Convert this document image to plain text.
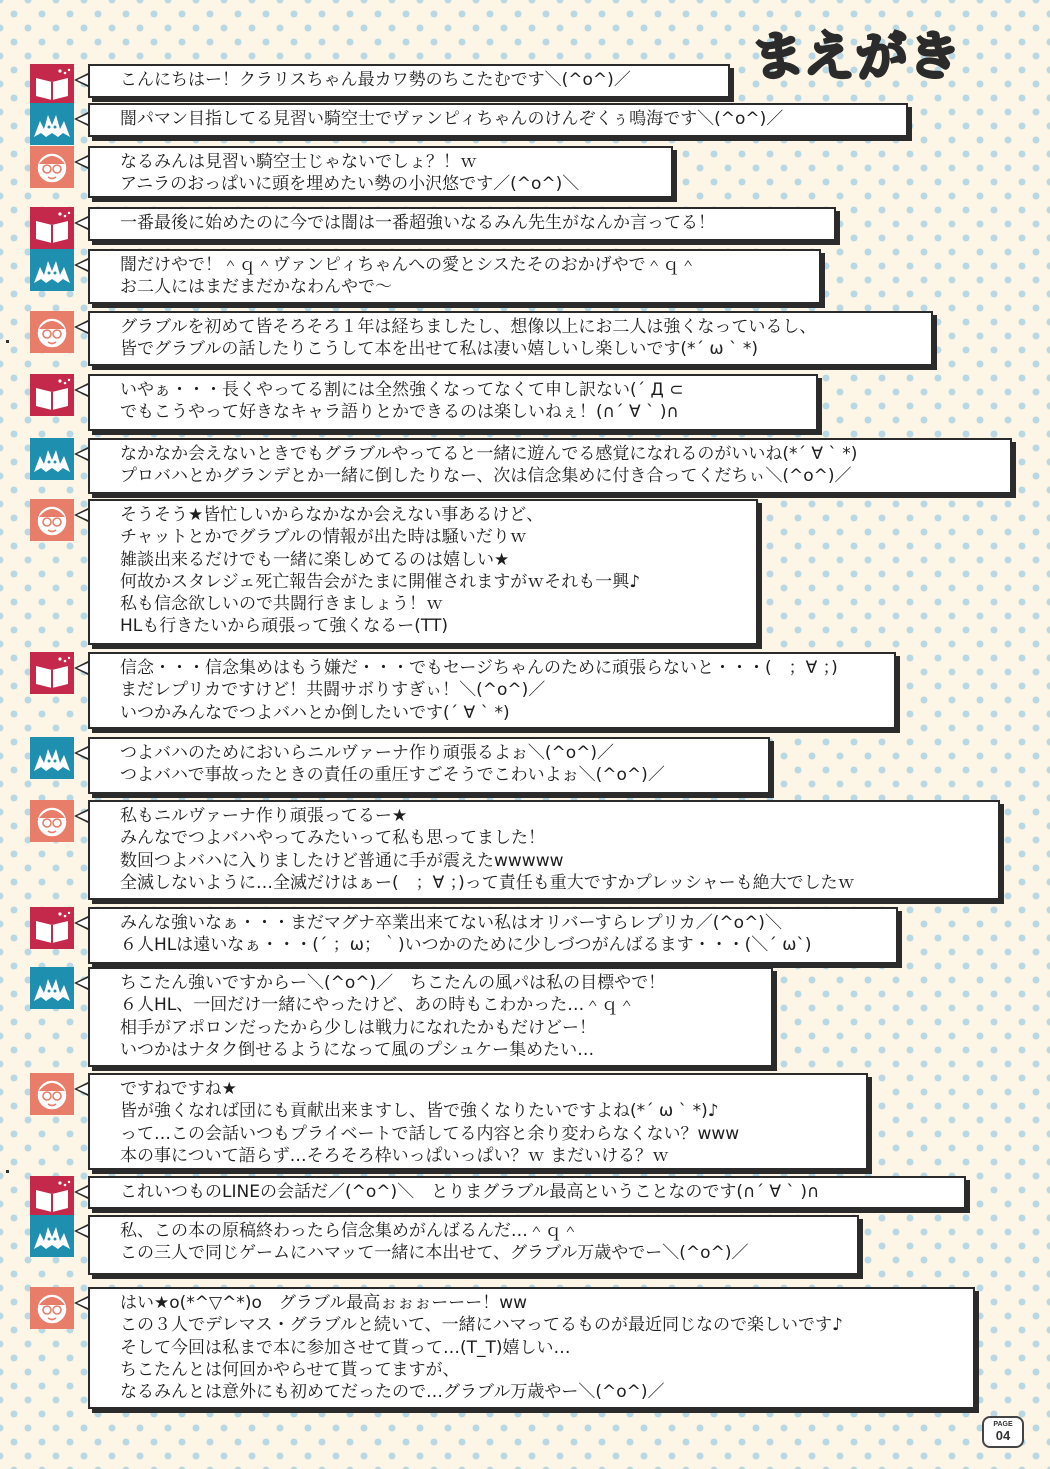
まえがき
こんにちはー！クラリスちゃん最カワ勢のちこたむです＼(^o^)／
闇パマン目指してる見習い騎空士でヴァンピィちゃんのけんぞくぅ鳴海です＼(^o^)／
なるみんは見習い騎空士じゃないでしょ？！ｗ
アニラのおっぱいに頭を埋めたい勢の小沢悠です／(^o^)＼
一番最後に始めたのに今では闇は一番超強いなるみん先生がなんか言ってる！
闇だけやで！＾ｑ＾ヴァンピィちゃんへの愛とシスたそのおかげやで＾ｑ＾
お二人にはまだまだかなわんやで〜
グラブルを初めて皆そろそろ１年は経ちましたし、想像以上にお二人は強くなっているし、
皆でグラブルの話したりこうして本を出せて私は凄い嬉しいし楽しいです(*´ ω ` *)
いやぁ・・・長くやってる割には全然強くなってなくて申し訳ない(´ Д ⊂
でもこうやって好きなキャラ語りとかできるのは楽しいねぇ！(∩´ ∀ ` )∩
なかなか会えないときでもグラブルやってると一緒に遊んでる感覚になれるのがいいね(*´ ∀ ` *)
プロバハとかグランデとか一緒に倒したりなー、次は信念集めに付き合ってくだちぃ＼(^o^)／
そうそう★皆忙しいからなかなか会えない事あるけど、
チャットとかでグラブルの情報が出た時は騒いだりｗ
雑談出来るだけでも一緒に楽しめてるのは嬉しい★
何故かスタレジェ死亡報告会がたまに開催されますがｗそれも一興♪
私も信念欲しいので共闘行きましょう！ｗ
HLも行きたいから頑張って強くなるー(TT)
信念・・・信念集めはもう嫌だ・・・でもセージちゃんのために頑張らないと・・・(　；∀ ；)
まだレプリカですけど！共闘サボりすぎぃ！＼(^o^)／
いつかみんなでつよバハとか倒したいです(´ ∀ ` *)
つよバハのためにおいらニルヴァーナ作り頑張るよぉ＼(^o^)／
つよバハで事故ったときの責任の重圧すごそうでこわいよぉ＼(^o^)／
私もニルヴァーナ作り頑張ってるー★
みんなでつよバハやってみたいって私も思ってました！
数回つよバハに入りましたけど普通に手が震えたwwwww
全滅しないように…全滅だけはぁー(　；∀ ；)って責任も重大ですかプレッシャーも絶大でしたｗ
みんな強いなぁ・・・まだマグナ卒業出来てない私はオリバーすらレプリカ／(^o^)＼
６人HLは遠いなぁ・・・(´ ；ω；｀)いつかのために少しづつがんばるます・・・(＼´ ω`)
ちこたん強いですからー＼(^o^)／　ちこたんの風パは私の目標やで！
６人HL、一回だけ一緒にやったけど、あの時もこわかった…＾ｑ＾
相手がアポロンだったから少しは戦力になれたかもだけどー！
いつかはナタク倒せるようになって風のプシュケー集めたい…
ですねですね★
皆が強くなれば団にも貢献出来ますし、皆で強くなりたいですよね(*´ ω ` *)♪
って…この会話いつもプライベートで話してる内容と余り変わらなくない？www
本の事について語らず…そろそろ枠いっぱいっぱい？ｗ まだいける？ｗ
これいつものLINEの会話だ／(^o^)＼　とりまグラブル最高ということなのです(∩´ ∀ ` )∩
私、この本の原稿終わったら信念集めがんばるんだ…＾ｑ＾
この三人で同じゲームにハマッて一緒に本出せて、グラブル万歳やでー＼(^o^)／
はい★o(*^▽^*)o　グラブル最高ぉぉぉーーー！ww
この３人でデレマス・グラブルと続いて、一緒にハマってるものが最近同じなので楽しいです♪
そして今回は私まで本に参加させて貰って…(T_T)嬉しい…
ちこたんとは何回かやらせて貰ってますが、
なるみんとは意外にも初めてだったので…グラブル万歳やー＼(^o^)／
PAGE
04
